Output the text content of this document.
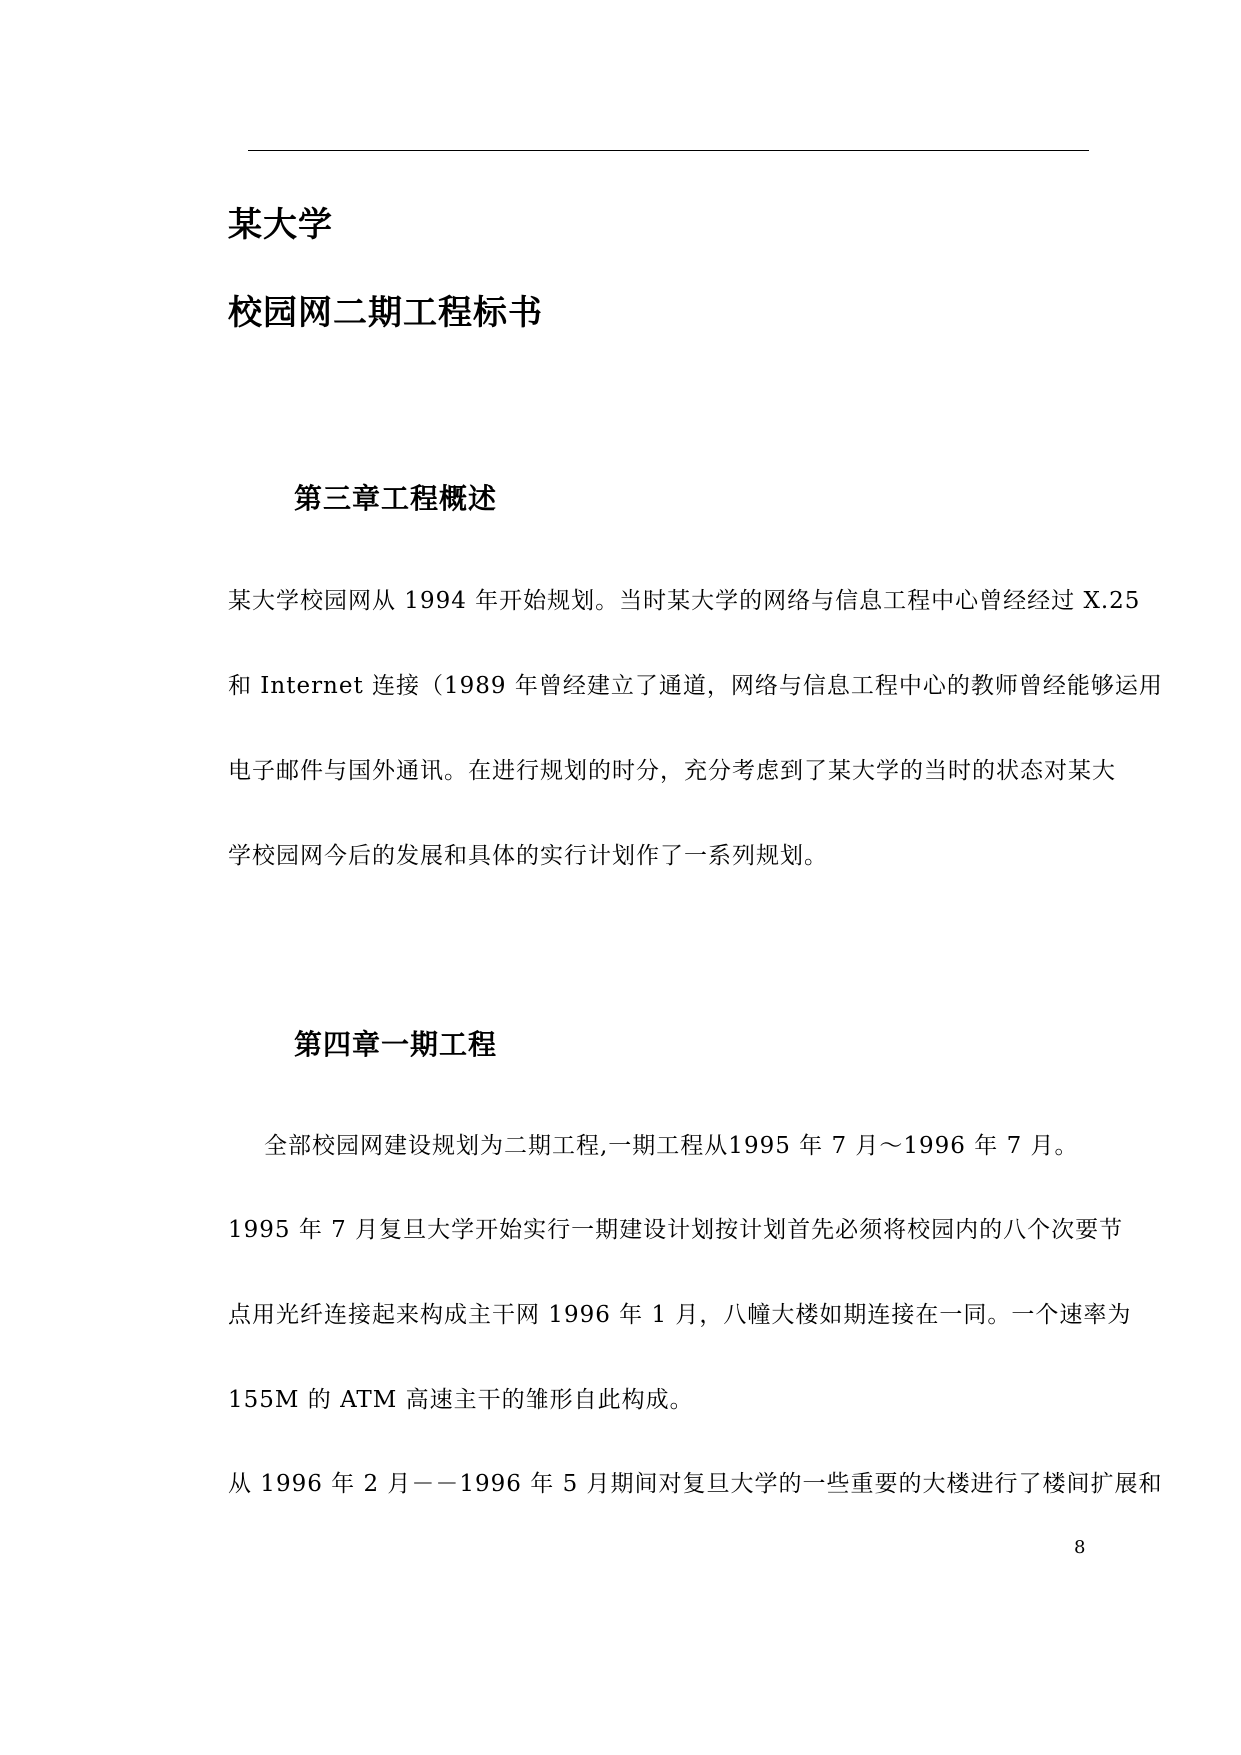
某大学
校园网二期工程标书
第三章工程概述
某大学校园网从 1994 年开始规划。当时某大学的网络与信息工程中心曾经经过 X.25
和 Internet 连接（1989 年曾经建立了通道，网络与信息工程中心的教师曾经能够运用
电子邮件与国外通讯。在进行规划的时分，充分考虑到了某大学的当时的状态对某大
学校园网今后的发展和具体的实行计划作了一系列规划。
第四章一期工程
全部校园网建设规划为二期工程,一期工程从1995 年 7 月～1996 年 7 月。
1995 年 7 月复旦大学开始实行一期建设计划按计划首先必须将校园内的八个次要节
点用光纤连接起来构成主干网 1996 年 1 月，八幢大楼如期连接在一同。一个速率为
155M 的 ATM 高速主干的雏形自此构成。
从 1996 年 2 月－－1996 年 5 月期间对复旦大学的一些重要的大楼进行了楼间扩展和
8
